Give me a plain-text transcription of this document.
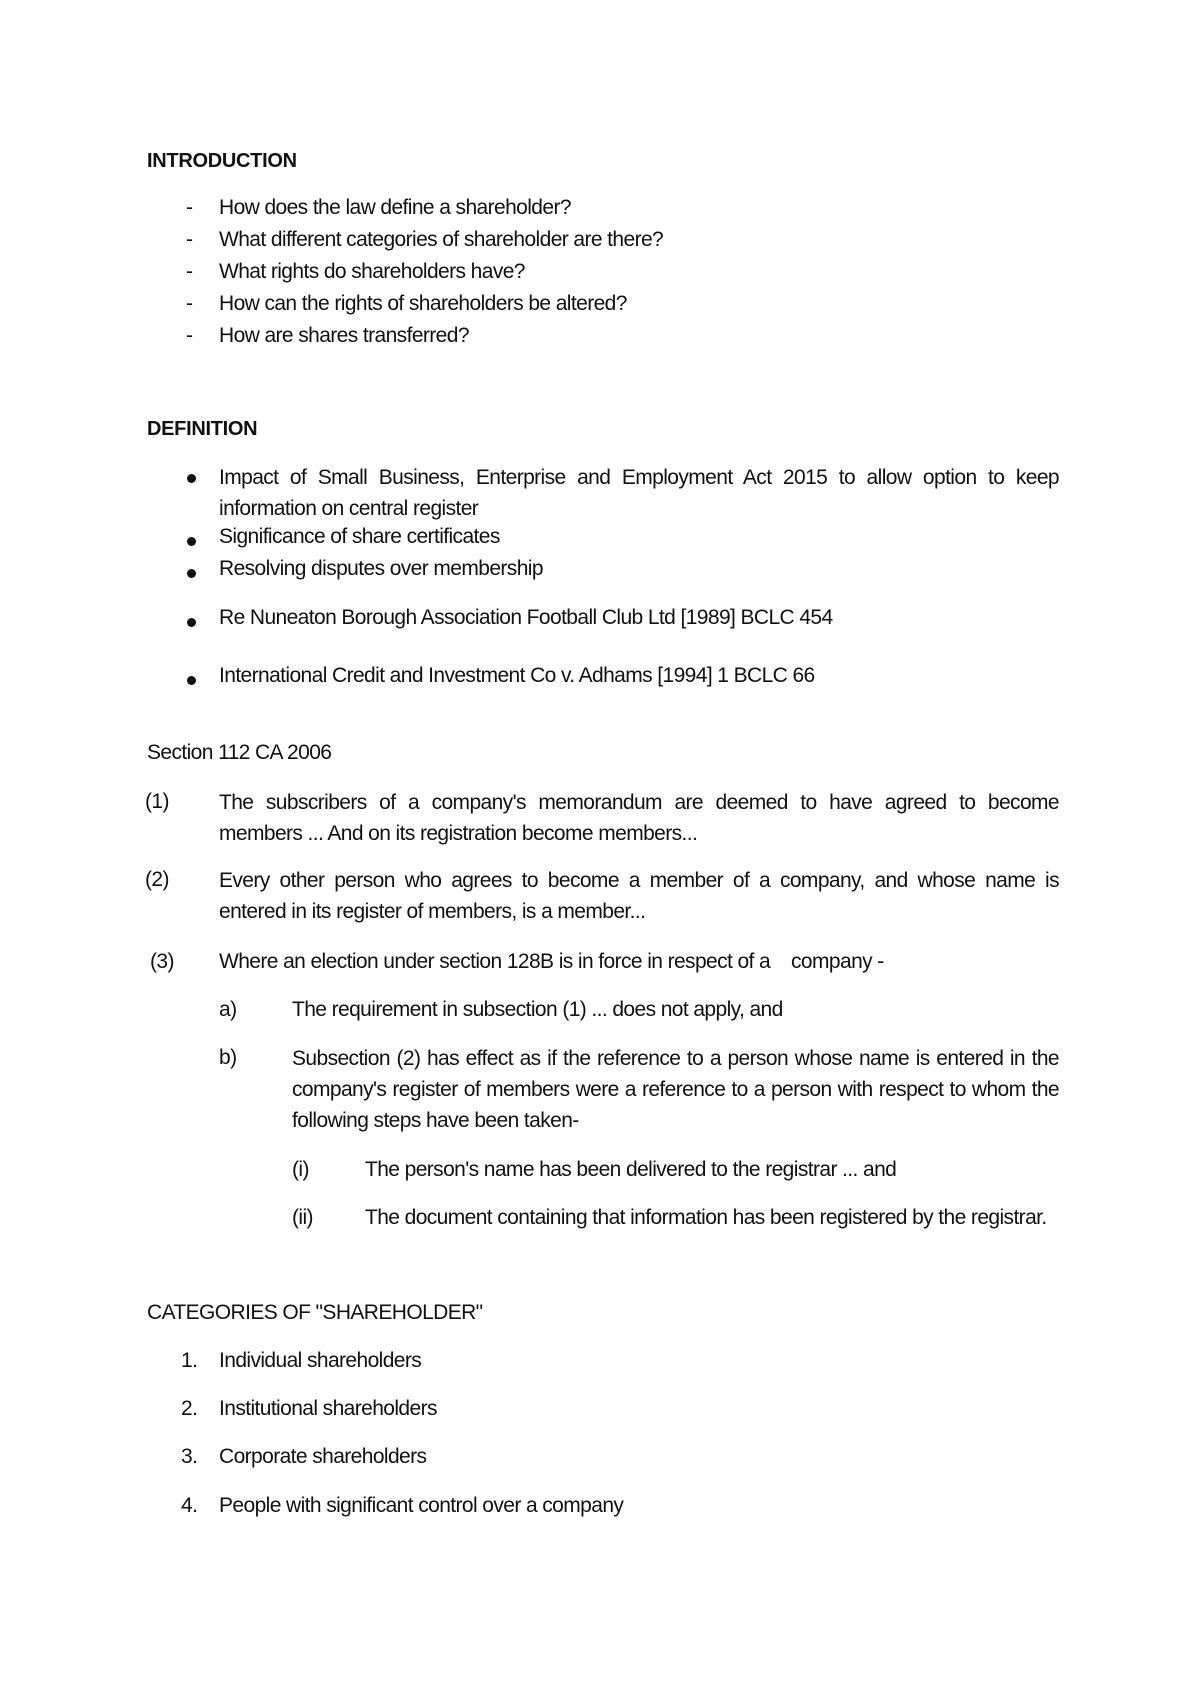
INTRODUCTION
-	How does the law define a shareholder?
-	What different categories of shareholder are there?
-	What rights do shareholders have?
-	How can the rights of shareholders be altered?
-	How are shares transferred?
DEFINITION
Impact of Small Business, Enterprise and Employment Act 2015 to allow option to keep information on central register
Significance of share certificates
Resolving disputes over membership
Re Nuneaton Borough Association Football Club Ltd [1989] BCLC 454
International Credit and Investment Co v. Adhams [1994] 1 BCLC 66
Section 112 CA 2006
(1) The subscribers of a company's memorandum are deemed to have agreed to become members ... And on its registration become members...
(2) Every other person who agrees to become a member of a company, and whose name is entered in its register of members, is a member...
(3) Where an election under section 128B is in force in respect of a    company -
a)	The requirement in subsection (1) ... does not apply, and
b)	Subsection (2) has effect as if the reference to a person whose name is entered in the company's register of members were a reference to a person with respect to whom the following steps have been taken-
(i)	The person's name has been delivered to the registrar ... and
(ii) The document containing that information has been registered by the registrar.
CATEGORIES OF "SHAREHOLDER"
1. Individual shareholders
2. Institutional shareholders
3. Corporate shareholders
4. People with significant control over a company
